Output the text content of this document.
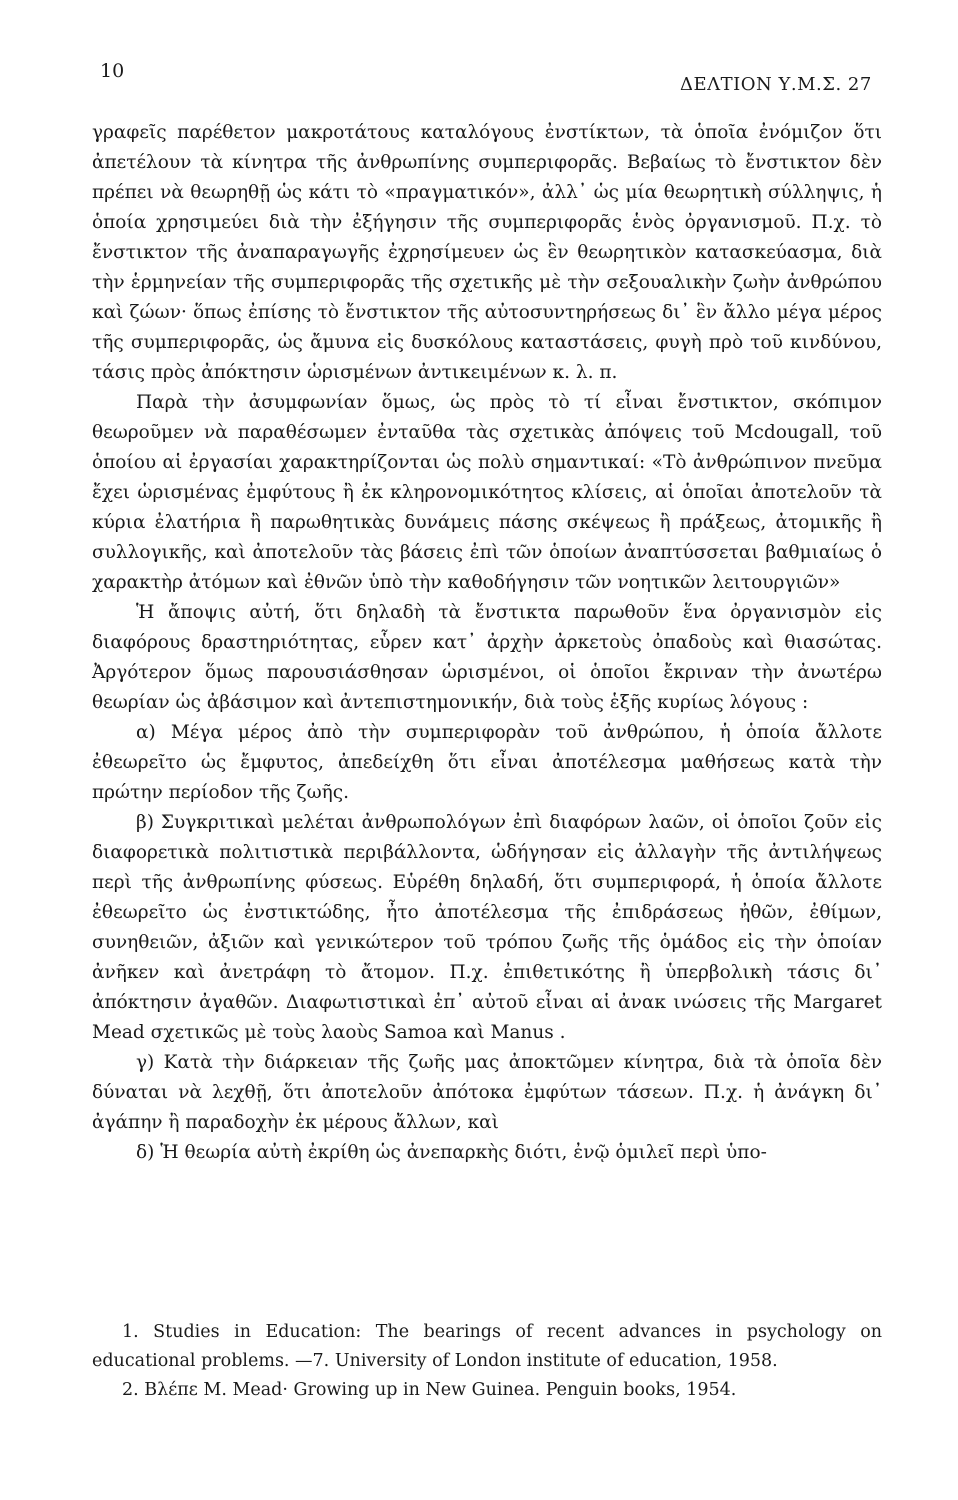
10
ΔΕΛΤΙΟΝ Υ.Μ.Σ. 27

γραφεῖς παρέθετον μακροτάτους καταλόγους ἐνστίκτων, τὰ ὁποῖα ἐνόμιζον ὅτι ἀπετέλουν τὰ κίνητρα τῆς ἀνθρωπίνης συμπεριφορᾶς. Βεβαίως τὸ ἔνστικτον δὲν πρέπει νὰ θεωρηθῇ ὡς κάτι τὸ «πραγματικόν», ἀλλ᾽ ὡς μία θεωρητικὴ σύλληψις, ἡ ὁποία χρησιμεύει διὰ τὴν ἐξήγησιν τῆς συμπεριφορᾶς ἑνὸς ὀργανισμοῦ. Π.χ. τὸ ἔνστικτον τῆς ἀναπαραγωγῆς ἐχρησίμευεν ὡς ἓν θεωρητικὸν κατασκεύασμα, διὰ τὴν ἑρμηνείαν τῆς συμπεριφορᾶς τῆς σχετικῆς μὲ τὴν σεξουαλικὴν ζωὴν ἀνθρώπου καὶ ζώων· ὅπως ἐπίσης τὸ ἔνστικτον τῆς αὐτοσυντηρήσεως δι᾽ ἓν ἄλλο μέγα μέρος τῆς συμπεριφορᾶς, ὡς ἄμυνα εἰς δυσκόλους καταστάσεις, φυγὴ πρὸ τοῦ κινδύνου, τάσις πρὸς ἀπόκτησιν ὡρισμένων ἀντικειμένων κ. λ. π.

Παρὰ τὴν ἀσυμφωνίαν ὅμως, ὡς πρὸς τὸ τί εἶναι ἔνστικτον, σκόπιμον θεωροῦμεν νὰ παραθέσωμεν ἐνταῦθα τὰς σχετικὰς ἀπόψεις τοῦ Mcdougall, τοῦ ὁποίου αἱ ἐργασίαι χαρακτηρίζονται ὡς πολὺ σημαντικαί: «Τὸ ἀνθρώπινον πνεῦμα ἔχει ὡρισμένας ἐμφύτους ἢ ἐκ κληρονομικότητος κλίσεις, αἱ ὁποῖαι ἀποτελοῦν τὰ κύρια ἐλατήρια ἢ παρωθητικὰς δυνάμεις πάσης σκέψεως ἢ πράξεως, ἀτομικῆς ἢ συλλογικῆς, καὶ ἀποτελοῦν τὰς βάσεις ἐπὶ τῶν ὁποίων ἀναπτύσσεται βαθμιαίως ὁ χαρακτὴρ ἀτόμων καὶ ἐθνῶν ὑπὸ τὴν καθοδήγησιν τῶν νοητικῶν λειτουργιῶν»

Ἡ ἄποψις αὐτή, ὅτι δηλαδὴ τὰ ἔνστικτα παρωθοῦν ἕνα ὀργανισμὸν εἰς διαφόρους δραστηριότητας, εὗρεν κατ᾽ ἀρχὴν ἀρκετοὺς ὀπαδοὺς καὶ θιασώτας. Ἀργότερον ὅμως παρουσιάσθησαν ὡρισμένοι, οἱ ὁποῖοι ἔκριναν τὴν ἀνωτέρω θεωρίαν ὡς ἀβάσιμον καὶ ἀντεπιστημονικήν, διὰ τοὺς ἑξῆς κυρίως λόγους :

α) Μέγα μέρος ἀπὸ τὴν συμπεριφορὰν τοῦ ἀνθρώπου, ἡ ὁποία ἄλλοτε ἐθεωρεῖτο ὡς ἔμφυτος, ἀπεδείχθη ὅτι εἶναι ἀποτέλεσμα μαθήσεως κατὰ τὴν πρώτην περίοδον τῆς ζωῆς.

β) Συγκριτικαὶ μελέται ἀνθρωπολόγων ἐπὶ διαφόρων λαῶν, οἱ ὁποῖοι ζοῦν εἰς διαφορετικὰ πολιτιστικὰ περιβάλλοντα, ὡδήγησαν εἰς ἀλλαγὴν τῆς ἀντιλήψεως περὶ τῆς ἀνθρωπίνης φύσεως. Εὑρέθη δηλαδή, ὅτι συμπεριφορά, ἡ ὁποία ἄλλοτε ἐθεωρεῖτο ὡς ἐνστικτώδης, ἦτο ἀποτέλεσμα τῆς ἐπιδράσεως ἠθῶν, ἐθίμων, συνηθειῶν, ἀξιῶν καὶ γενικώτερον τοῦ τρόπου ζωῆς τῆς ὁμάδος εἰς τὴν ὁποίαν ἀνῆκεν καὶ ἀνετράφη τὸ ἄτομον. Π.χ. ἐπιθετικότης ἢ ὑπερβολικὴ τάσις δι᾽ ἀπόκτησιν ἀγαθῶν. Διαφωτιστικαὶ ἐπ᾽ αὐτοῦ εἶναι αἱ ἀνακ ινώσεις τῆς Margaret Mead σχετικῶς μὲ τοὺς λαοὺς Samoa καὶ Manus .

γ) Κατὰ τὴν διάρκειαν τῆς ζωῆς μας ἀποκτῶμεν κίνητρα, διὰ τὰ ὁποῖα δὲν δύναται νὰ λεχθῇ, ὅτι ἀποτελοῦν ἀπότοκα ἐμφύτων τάσεων. Π.χ. ἡ ἀνάγκη δι᾽ ἀγάπην ἢ παραδοχὴν ἐκ μέρους ἄλλων, καὶ

δ) Ἡ θεωρία αὐτὴ ἐκρίθη ὡς ἀνεπαρκὴς διότι, ἐνῷ ὁμιλεῖ περὶ ὑπο-

1. Studies in Education: The bearings of recent advances in psychology on educational problems. —7. University of London institute of education, 1958.

2. Βλέπε M. Mead· Growing up in New Guinea. Penguin books, 1954.
